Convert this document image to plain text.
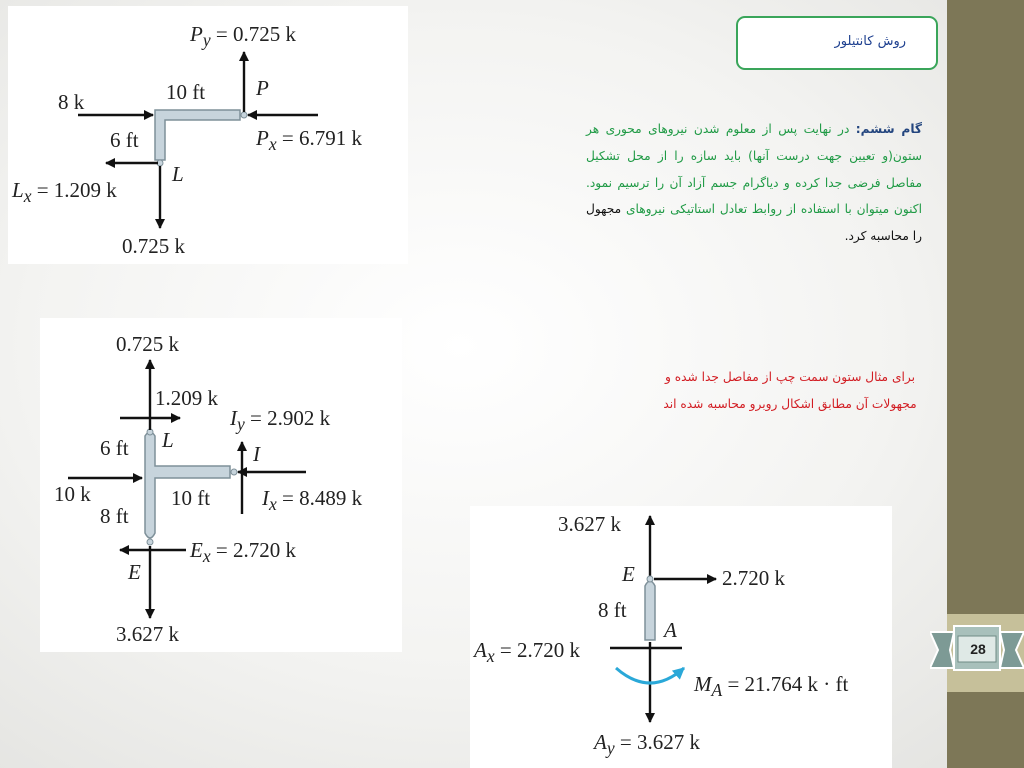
28
روش کانتیلور
گام ششم: در نهایت پس از معلوم شدن نیروهای محوری هر ستون(و تعیین جهت درست آنها) باید سازه را از محل تشکیل مفاصل فرضی جدا کرده و دیاگرام جسم آزاد آن را ترسیم نمود. اکنون میتوان با استفاده از روابط تعادل استاتیکی نیروهای مجهول را محاسبه کرد.
برای مثال ستون سمت چپ از مفاصل جدا شده و مجهولات آن مطابق اشکال روبرو محاسبه شده اند
$P_y = 0.725$ k
8 k	10 ft P
6 ft	$P_x = 6.791$ k
L
$L_x = 1.209$ k
0.725 k
0.725 k
1.209 k
$I_y = 2.902$ k
L
6 ft	I
10 k	10 ft $I_x = 8.489$ k
8 ft
$E_x = 2.720$ k
E
3.627 k
3.627 k
E	2.720 k
8 ft
A
$A_x = 2.720$ k
$M_A = 21.764$ k · ft
$A_y = 3.627$ k
